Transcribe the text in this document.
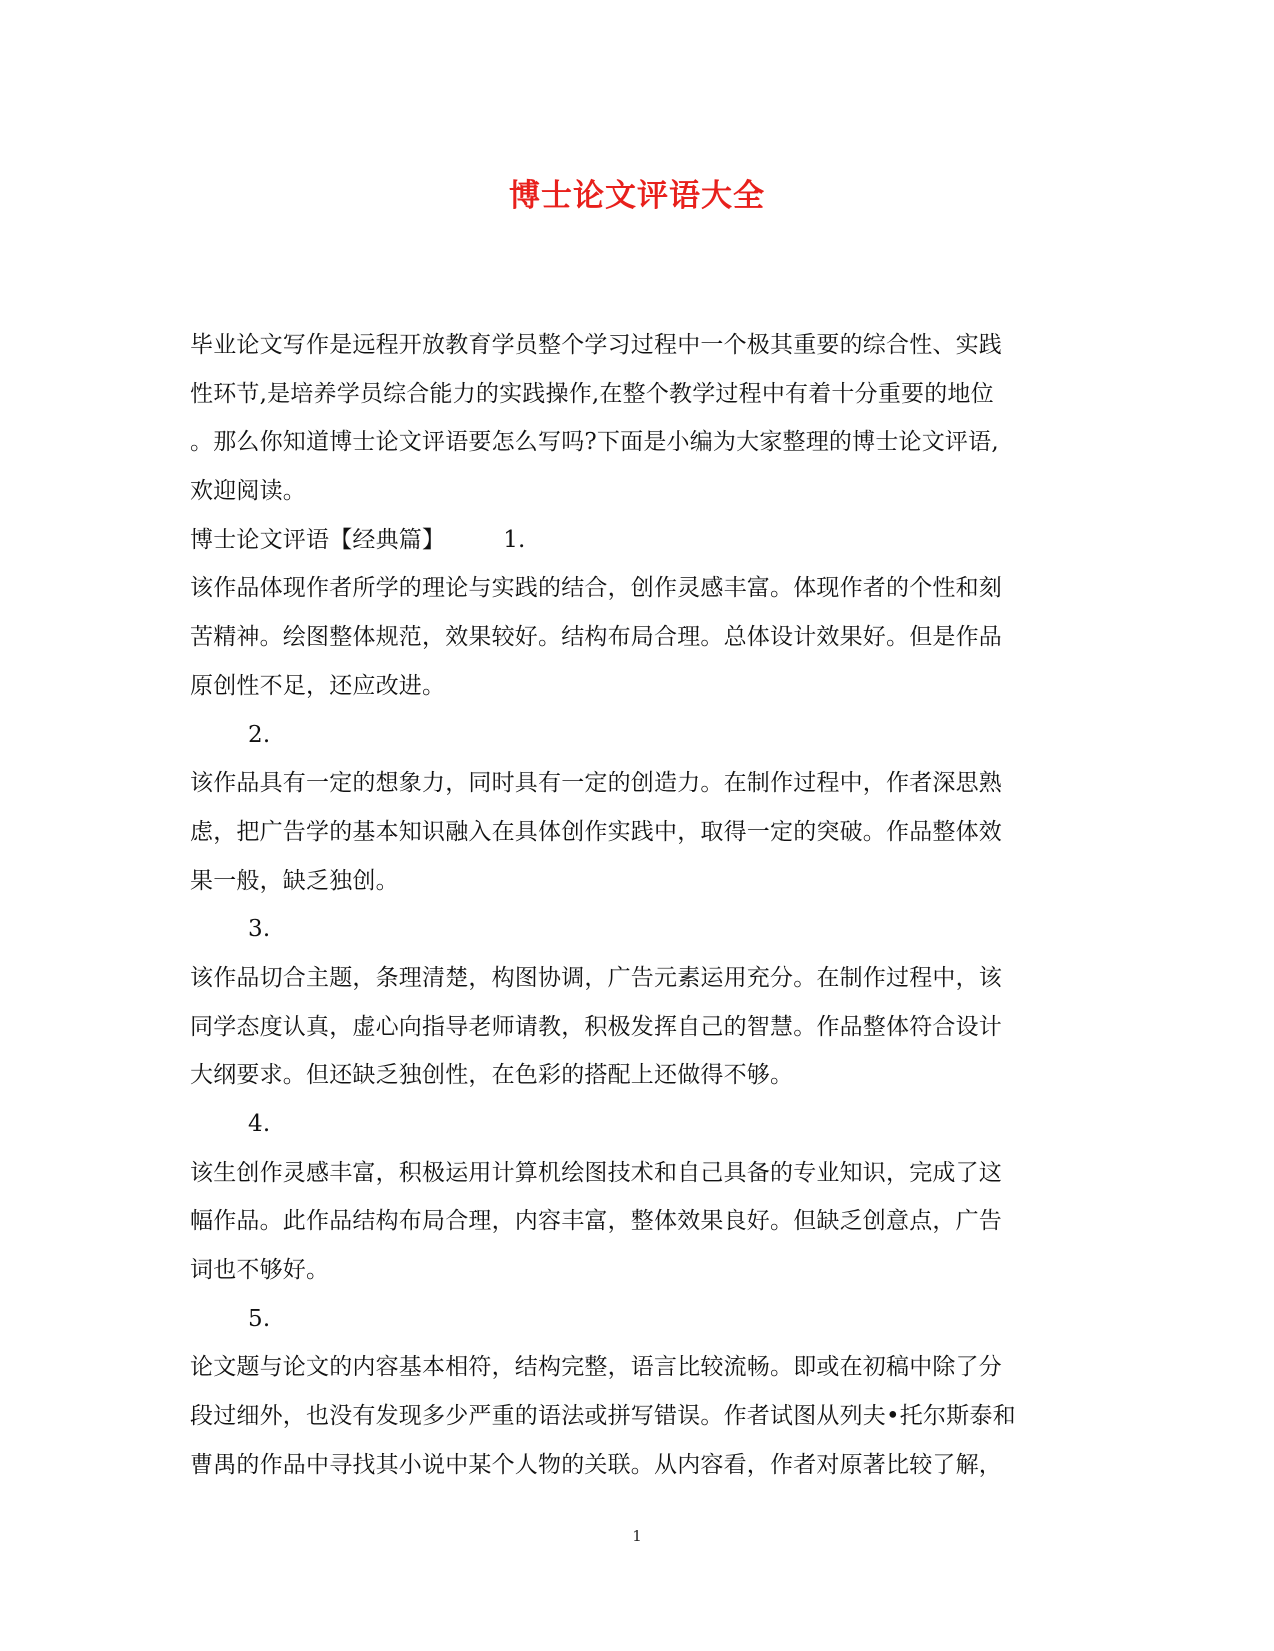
博士论文评语大全
毕业论文写作是远程开放教育学员整个学习过程中一个极其重要的综合性、实践
性环节,是培养学员综合能力的实践操作,在整个教学过程中有着十分重要的地位
。那么你知道博士论文评语要怎么写吗?下面是小编为大家整理的博士论文评语,
欢迎阅读。
博士论文评语【经典篇】	1.
该作品体现作者所学的理论与实践的结合，创作灵感丰富。体现作者的个性和刻
苦精神。绘图整体规范，效果较好。结构布局合理。总体设计效果好。但是作品
原创性不足，还应改进。
2.
该作品具有一定的想象力，同时具有一定的创造力。在制作过程中，作者深思熟
虑，把广告学的基本知识融入在具体创作实践中，取得一定的突破。作品整体效
果一般，缺乏独创。
3.
该作品切合主题，条理清楚，构图协调，广告元素运用充分。在制作过程中，该
同学态度认真，虚心向指导老师请教，积极发挥自己的智慧。作品整体符合设计
大纲要求。但还缺乏独创性，在色彩的搭配上还做得不够。
4.
该生创作灵感丰富，积极运用计算机绘图技术和自己具备的专业知识，完成了这
幅作品。此作品结构布局合理，内容丰富，整体效果良好。但缺乏创意点，广告
词也不够好。
5.
论文题与论文的内容基本相符，结构完整，语言比较流畅。即或在初稿中除了分
段过细外，也没有发现多少严重的语法或拼写错误。作者试图从列夫•托尔斯泰和
曹禺的作品中寻找其小说中某个人物的关联。从内容看，作者对原著比较了解，
1
